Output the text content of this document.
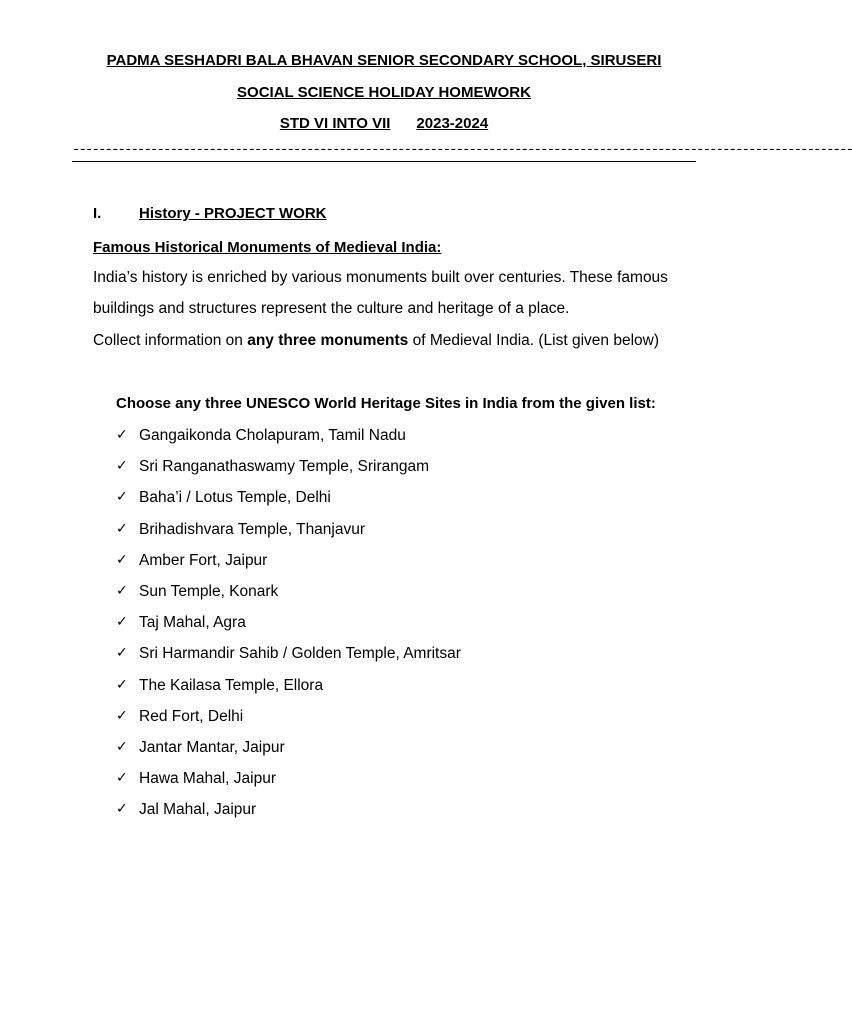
PADMA SESHADRI BALA BHAVAN SENIOR SECONDARY SCHOOL, SIRUSERI
SOCIAL SCIENCE HOLIDAY HOMEWORK
STD VI INTO VII 2023-2024
------------------------------------------------------------------------------------------------------------------------
I.	History - PROJECT WORK
Famous Historical Monuments of Medieval India:
India’s history is enriched by various monuments built over centuries. These famous
buildings and structures represent the culture and heritage of a place.
Collect information on any three monuments of Medieval India. (List given below)
Choose any three UNESCO World Heritage Sites in India from the given list:
✓ Gangaikonda Cholapuram, Tamil Nadu
✓ Sri Ranganathaswamy Temple, Srirangam
✓ Baha’i / Lotus Temple, Delhi
✓ Brihadishvara Temple, Thanjavur
✓ Amber Fort, Jaipur
✓ Sun Temple, Konark
✓ Taj Mahal, Agra
✓ Sri Harmandir Sahib / Golden Temple, Amritsar
✓ The Kailasa Temple, Ellora
✓ Red Fort, Delhi
✓ Jantar Mantar, Jaipur
✓ Hawa Mahal, Jaipur
✓ Jal Mahal, Jaipur
